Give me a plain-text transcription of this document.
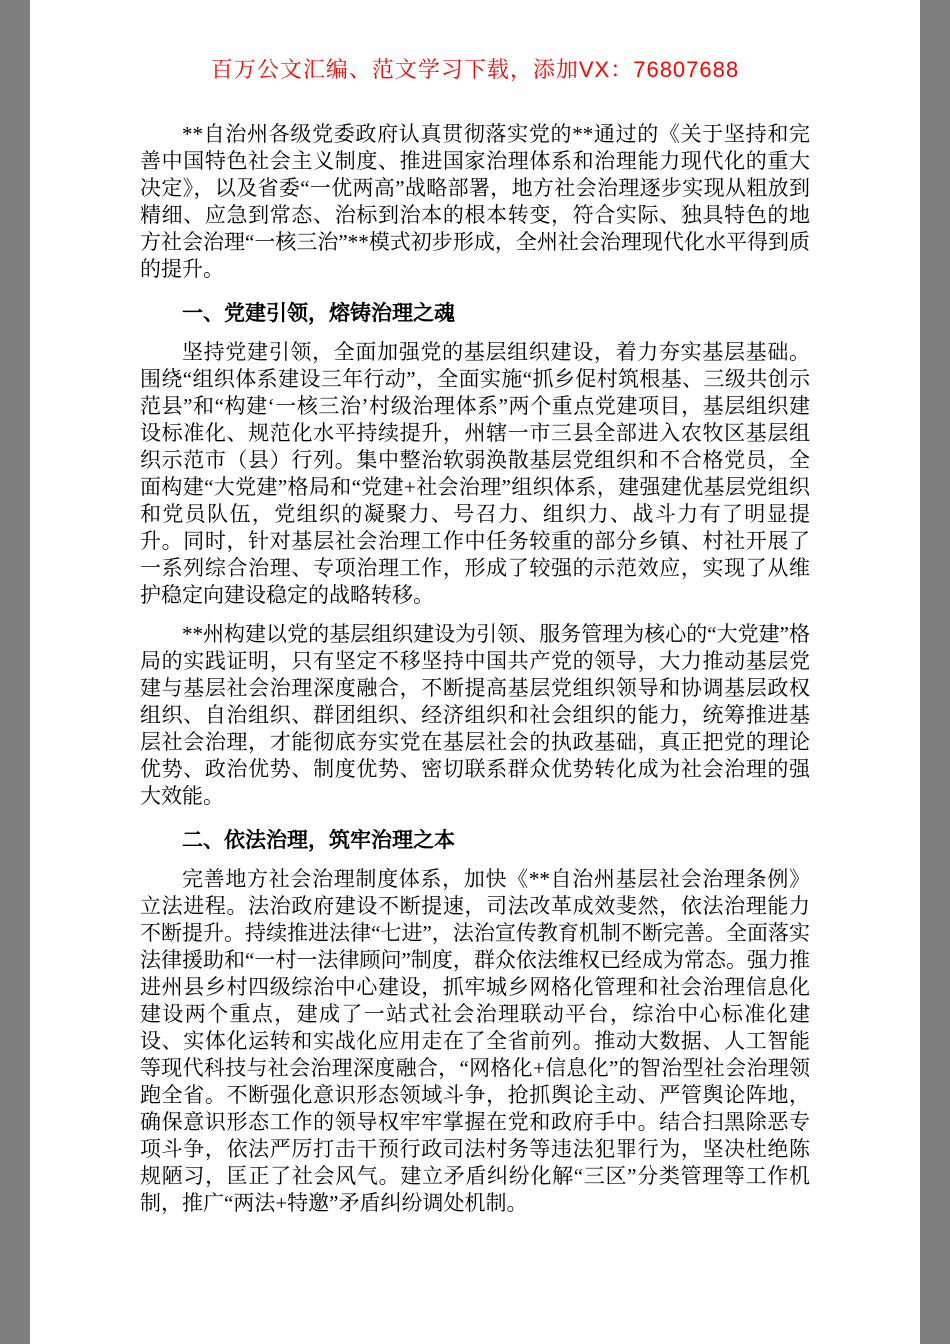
百万公文汇编、范文学习下载，添加VX：76807688

**自治州各级党委政府认真贯彻落实党的**通过的《关于坚持和完善中国特色社会主义制度、推进国家治理体系和治理能力现代化的重大决定》，以及省委“一优两高”战略部署，地方社会治理逐步实现从粗放到精细、应急到常态、治标到治本的根本转变，符合实际、独具特色的地方社会治理“一核三治”**模式初步形成，全州社会治理现代化水平得到质的提升。

一、党建引领，熔铸治理之魂

坚持党建引领，全面加强党的基层组织建设，着力夯实基层基础。围绕“组织体系建设三年行动”，全面实施“抓乡促村筑根基、三级共创示范县”和“构建‘一核三治’村级治理体系”两个重点党建项目，基层组织建设标准化、规范化水平持续提升，州辖一市三县全部进入农牧区基层组织示范市（县）行列。集中整治软弱涣散基层党组织和不合格党员，全面构建“大党建”格局和“党建+社会治理”组织体系，建强建优基层党组织和党员队伍，党组织的凝聚力、号召力、组织力、战斗力有了明显提升。同时，针对基层社会治理工作中任务较重的部分乡镇、村社开展了一系列综合治理、专项治理工作，形成了较强的示范效应，实现了从维护稳定向建设稳定的战略转移。

**州构建以党的基层组织建设为引领、服务管理为核心的“大党建”格局的实践证明，只有坚定不移坚持中国共产党的领导，大力推动基层党建与基层社会治理深度融合，不断提高基层党组织领导和协调基层政权组织、自治组织、群团组织、经济组织和社会组织的能力，统筹推进基层社会治理，才能彻底夯实党在基层社会的执政基础，真正把党的理论优势、政治优势、制度优势、密切联系群众优势转化成为社会治理的强大效能。

二、依法治理，筑牢治理之本

完善地方社会治理制度体系，加快《**自治州基层社会治理条例》立法进程。法治政府建设不断提速，司法改革成效斐然，依法治理能力不断提升。持续推进法律“七进”，法治宣传教育机制不断完善。全面落实法律援助和“一村一法律顾问”制度，群众依法维权已经成为常态。强力推进州县乡村四级综治中心建设，抓牢城乡网格化管理和社会治理信息化建设两个重点，建成了一站式社会治理联动平台，综治中心标准化建设、实体化运转和实战化应用走在了全省前列。推动大数据、人工智能等现代科技与社会治理深度融合，“网格化+信息化”的智治型社会治理领跑全省。不断强化意识形态领域斗争，抢抓舆论主动、严管舆论阵地，确保意识形态工作的领导权牢牢掌握在党和政府手中。结合扫黑除恶专项斗争，依法严厉打击干预行政司法村务等违法犯罪行为，坚决杜绝陈规陋习，匡正了社会风气。建立矛盾纠纷化解“三区”分类管理等工作机制，推广“两法+特邀”矛盾纠纷调处机制。
